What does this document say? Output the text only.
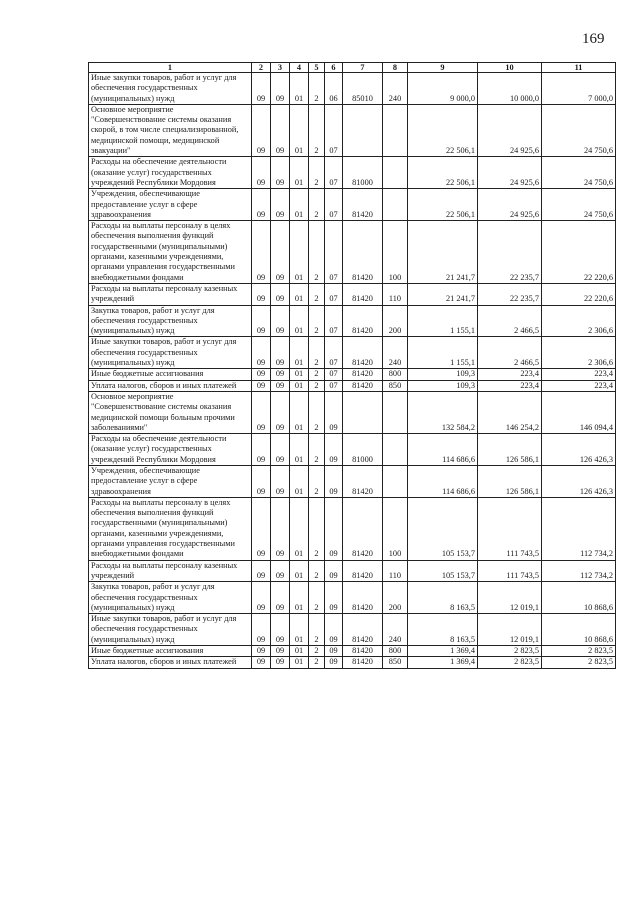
169
1	2	3	4	5	6	7	8	9	10	11
Иные закупки товаров, работ и услуг для обеспечения государственных (муниципальных) нужд	09	09	01	2	06	85010	240	9 000,0	10 000,0	7 000,0
Основное мероприятие "Совершенствование системы оказания скорой, в том числе специализированной, медицинской помощи, медицинской эвакуации"	09	09	01	2	07			22 506,1	24 925,6	24 750,6
Расходы на обеспечение деятельности (оказание услуг) государственных учреждений Республики Мордовия	09	09	01	2	07	81000		22 506,1	24 925,6	24 750,6
Учреждения, обеспечивающие предоставление услуг в сфере здравоохранения	09	09	01	2	07	81420		22 506,1	24 925,6	24 750,6
Расходы на выплаты персоналу в целях обеспечения выполнения функций государственными (муниципальными) органами, казенными учреждениями, органами управления государственными внебюджетными фондами	09	09	01	2	07	81420	100	21 241,7	22 235,7	22 220,6
Расходы на выплаты персоналу казенных учреждений	09	09	01	2	07	81420	110	21 241,7	22 235,7	22 220,6
Закупка товаров, работ и услуг для обеспечения государственных (муниципальных) нужд	09	09	01	2	07	81420	200	1 155,1	2 466,5	2 306,6
Иные закупки товаров, работ и услуг для обеспечения государственных (муниципальных) нужд	09	09	01	2	07	81420	240	1 155,1	2 466,5	2 306,6
Иные бюджетные ассигнования	09	09	01	2	07	81420	800	109,3	223,4	223,4
Уплата налогов, сборов и иных платежей	09	09	01	2	07	81420	850	109,3	223,4	223,4
Основное мероприятие "Совершенствование системы оказания медицинской помощи больным прочими заболеваниями"	09	09	01	2	09			132 584,2	146 254,2	146 094,4
Расходы на обеспечение деятельности (оказание услуг) государственных учреждений Республики Мордовия	09	09	01	2	09	81000		114 686,6	126 586,1	126 426,3
Учреждения, обеспечивающие предоставление услуг в сфере здравоохранения	09	09	01	2	09	81420		114 686,6	126 586,1	126 426,3
Расходы на выплаты персоналу в целях обеспечения выполнения функций государственными (муниципальными) органами, казенными учреждениями, органами управления государственными внебюджетными фондами	09	09	01	2	09	81420	100	105 153,7	111 743,5	112 734,2
Расходы на выплаты персоналу казенных учреждений	09	09	01	2	09	81420	110	105 153,7	111 743,5	112 734,2
Закупка товаров, работ и услуг для обеспечения государственных (муниципальных) нужд	09	09	01	2	09	81420	200	8 163,5	12 019,1	10 868,6
Иные закупки товаров, работ и услуг для обеспечения государственных (муниципальных) нужд	09	09	01	2	09	81420	240	8 163,5	12 019,1	10 868,6
Иные бюджетные ассигнования	09	09	01	2	09	81420	800	1 369,4	2 823,5	2 823,5
Уплата налогов, сборов и иных платежей	09	09	01	2	09	81420	850	1 369,4	2 823,5	2 823,5
